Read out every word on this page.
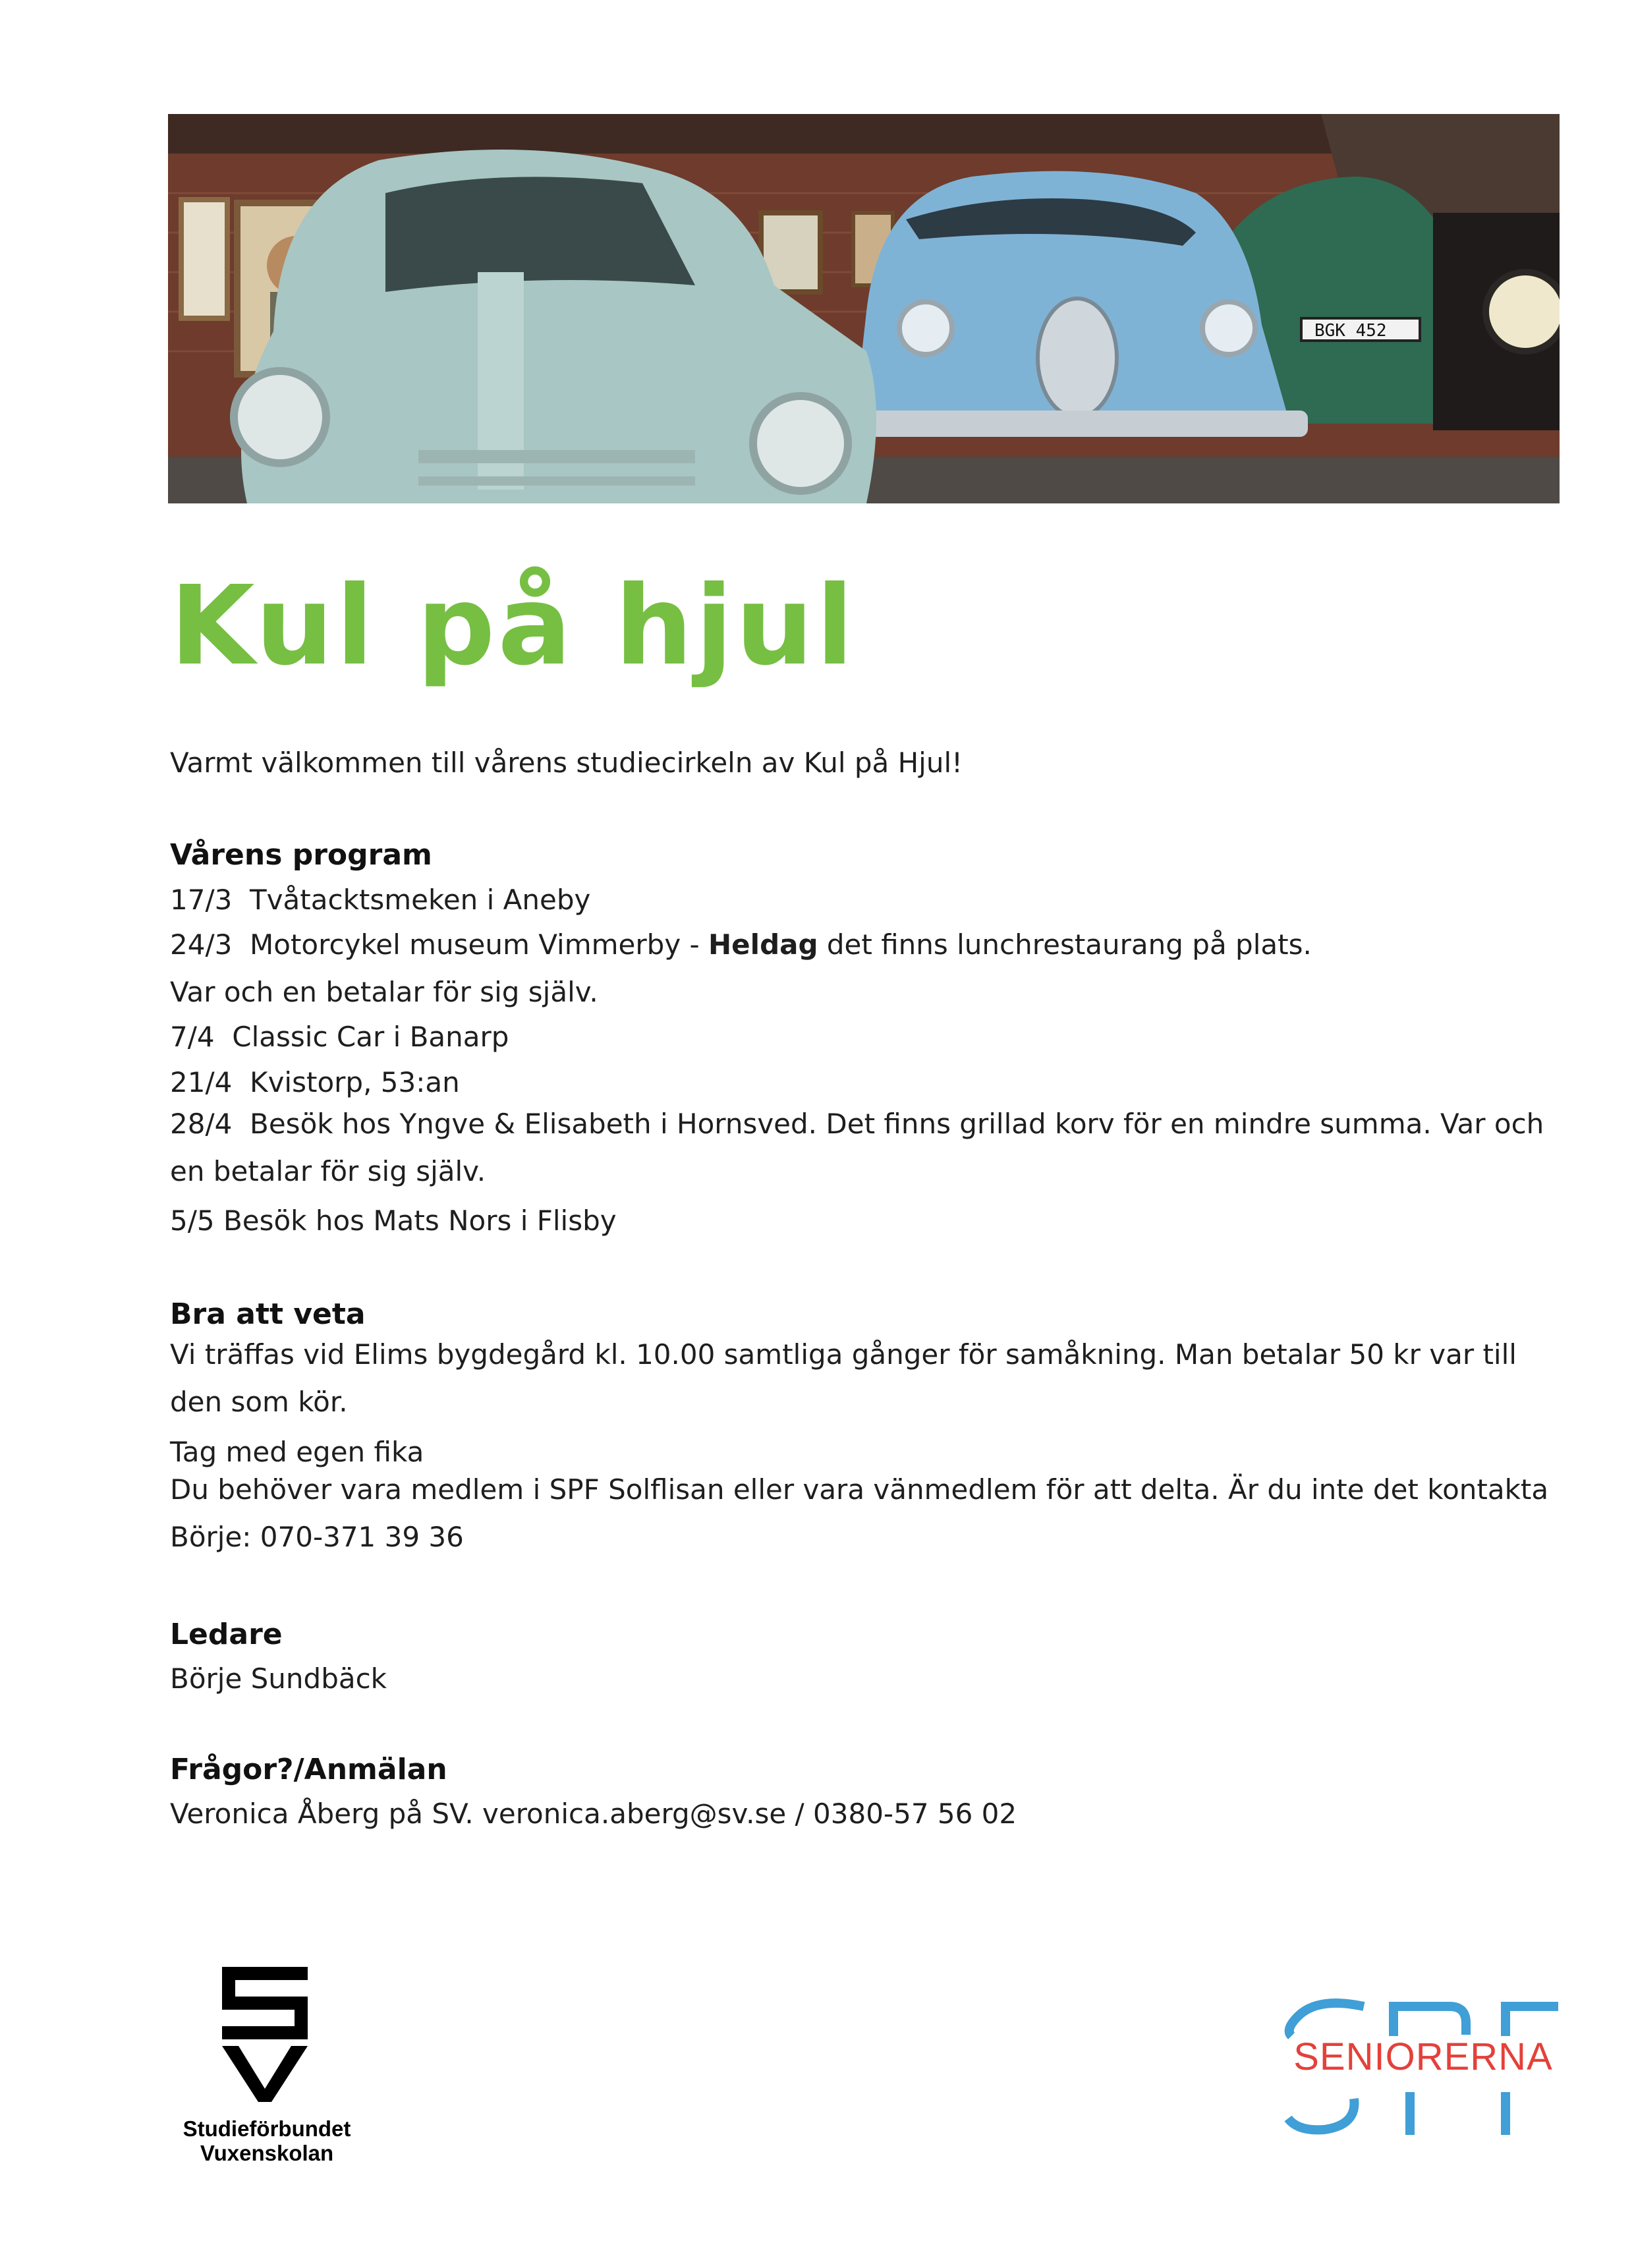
BGK 452
Kul på hjul
Varmt välkommen till vårens studiecirkeln av Kul på Hjul!
Vårens program
17/3 Tvåtacktsmeken i Aneby
24/3 Motorcykel museum Vimmerby - Heldag det finns lunchrestaurang på plats.
Var och en betalar för sig själv.
7/4 Classic Car i Banarp
21/4 Kvistorp, 53:an
28/4 Besök hos Yngve & Elisabeth i Hornsved. Det finns grillad korv för en mindre summa. Var och en betalar för sig själv.
5/5 Besök hos Mats Nors i Flisby
Bra att veta
Vi träffas vid Elims bygdegård kl. 10.00 samtliga gånger för samåkning. Man betalar 50 kr var till den som kör.
Tag med egen fika
Du behöver vara medlem i SPF Solflisan eller vara vänmedlem för att delta. Är du inte det kontakta Börje: 070-371 39 36
Ledare
Börje Sundbäck
Frågor?/Anmälan
Veronica Åberg på SV. veronica.aberg@sv.se / 0380-57 56 02
Studieförbundet
Vuxenskolan
SENIORERNA
